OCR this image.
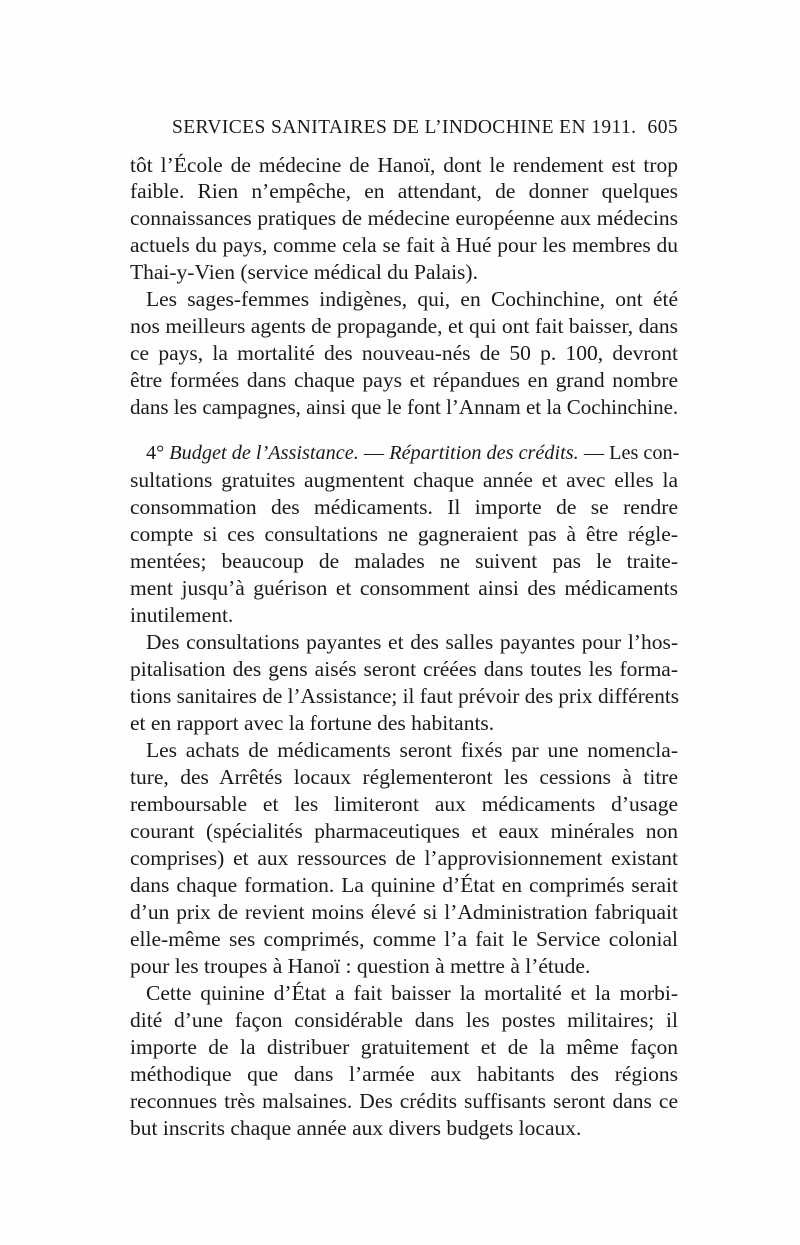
SERVICES SANITAIRES DE L’INDOCHINE EN 1911. 605
tôt l’École de médecine de Hanoï, dont le rendement est trop
faible. Rien n’empêche, en attendant, de donner quelques
connaissances pratiques de médecine européenne aux médecins
actuels du pays, comme cela se fait à Hué pour les membres du
Thai-y-Vien (service médical du Palais).
Les sages-femmes indigènes, qui, en Cochinchine, ont été
nos meilleurs agents de propagande, et qui ont fait baisser, dans
ce pays, la mortalité des nouveau-nés de 50 p. 100, devront
être formées dans chaque pays et répandues en grand nombre
dans les campagnes, ainsi que le font l’Annam et la Cochinchine.
4° Budget de l’Assistance. — Répartition des crédits. — Les con-
sultations gratuites augmentent chaque année et avec elles la
consommation des médicaments. Il importe de se rendre
compte si ces consultations ne gagneraient pas à être régle-
mentées; beaucoup de malades ne suivent pas le traite-
ment jusqu’à guérison et consomment ainsi des médicaments
inutilement.
Des consultations payantes et des salles payantes pour l’hos-
pitalisation des gens aisés seront créées dans toutes les forma-
tions sanitaires de l’Assistance; il faut prévoir des prix différents
et en rapport avec la fortune des habitants.
Les achats de médicaments seront fixés par une nomencla-
ture, des Arrêtés locaux réglementeront les cessions à titre
remboursable et les limiteront aux médicaments d’usage
courant (spécialités pharmaceutiques et eaux minérales non
comprises) et aux ressources de l’approvisionnement existant
dans chaque formation. La quinine d’État en comprimés serait
d’un prix de revient moins élevé si l’Administration fabriquait
elle-même ses comprimés, comme l’a fait le Service colonial
pour les troupes à Hanoï : question à mettre à l’étude.
Cette quinine d’État a fait baisser la mortalité et la morbi-
dité d’une façon considérable dans les postes militaires; il
importe de la distribuer gratuitement et de la même façon
méthodique que dans l’armée aux habitants des régions
reconnues très malsaines. Des crédits suffisants seront dans ce
but inscrits chaque année aux divers budgets locaux.
